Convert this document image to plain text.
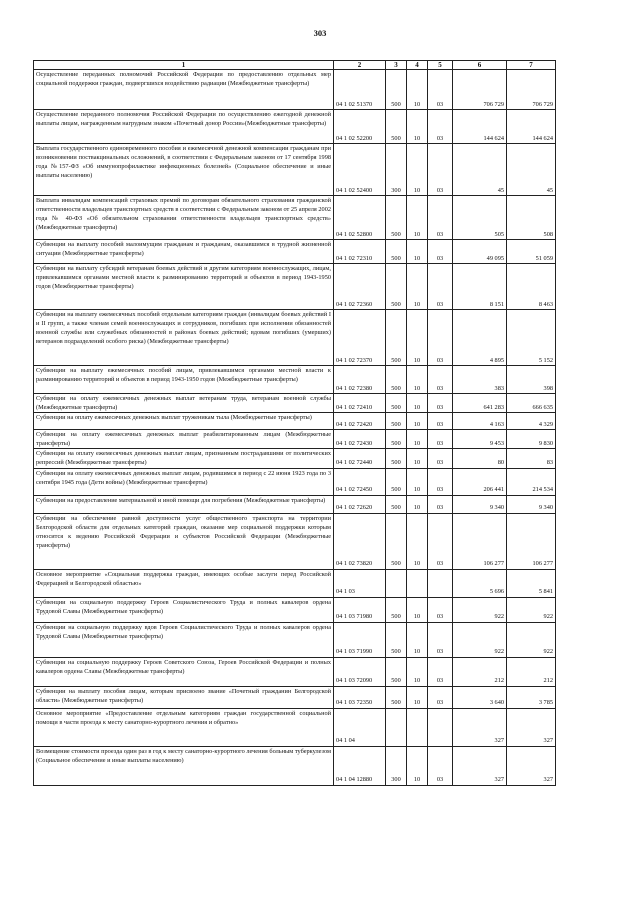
303
1	2	3	4	5	6	7
Осуществление переданных полномочий Российской Федерации по предоставлению отдельных мер социальной поддержки граждан, подвергшихся воздействию радиации (Межбюджетные трансферты)	04 1 02 51370	500	10	03	706 729	706 729
Осуществление переданного полномочия Российской Федерации по осуществлению ежегодной денежной выплаты лицам, награжденным нагрудным знаком «Почетный донор России»(Межбюджетные трансферты)	04 1 02 52200	500	10	03	144 624	144 624
Выплата государственного единовременного пособия и ежемесячной денежной компенсации гражданам при возникновении поствакцинальных осложнений, в соответствии с Федеральным законом от 17 сентября 1998 года №157-ФЗ «Об иммунопрофилактике инфекционных болезней» (Социальное обеспечение и иные выплаты населению)	04 1 02 52400	300	10	03	45	45
Выплата инвалидам компенсаций страховых премий по договорам обязательного страхования гражданской ответственности владельцев транспортных средств в соответствии с Федеральным законом от 25 апреля 2002 года № 40-ФЗ «Об обязательном страховании ответственности владельцев транспортных средств» (Межбюджетные трансферты)	04 1 02 52800	500	10	03	505	508
Субвенции на выплату пособий малоимущим гражданам и гражданам, оказавшимся в трудной жизненной ситуации (Межбюджетные трансферты)	04 1 02 72310	500	10	03	49 095	51 059
Субвенции на выплату субсидий ветеранам боевых действий и другим категориям военнослужащих, лицам, привлекавшимся органами местной власти к разминированию территорий и объектов в период 1943-1950 годов (Межбюджетные трансферты)	04 1 02 72360	500	10	03	8 151	8 463
Субвенции на выплату ежемесячных пособий отдельным категориям граждан (инвалидам боевых действий I и II групп, а также членам семей военнослужащих и сотрудников, погибших при исполнении обязанностей военной службы или служебных обязанностей в районах боевых действий; вдовам погибших (умерших) ветеранов подразделений особого риска) (Межбюджетные трансферты)	04 1 02 72370	500	10	03	4 895	5 152
Субвенции на выплату ежемесячных пособий лицам, привлекавшимся органами местной власти к разминированию территорий и объектов в период 1943-1950 годов (Межбюджетные трансферты)	04 1 02 72380	500	10	03	383	398
Субвенции на оплату ежемесячных денежных выплат ветеранам труда, ветеранам военной службы (Межбюджетные трансферты)	04 1 02 72410	500	10	03	641 283	666 635
Субвенции на оплату ежемесячных денежных выплат труженикам тыла (Межбюджетные трансферты)	04 1 02 72420	500	10	03	4 163	4 329
Субвенции на оплату ежемесячных денежных выплат реабилитированным лицам (Межбюджетные трансферты)	04 1 02 72430	500	10	03	9 453	9 830
Субвенции на оплату ежемесячных денежных выплат лицам, признанным пострадавшими от политических репрессий (Межбюджетные трансферты)	04 1 02 72440	500	10	03	80	83
Субвенции на оплату ежемесячных денежных выплат лицам, родившимся в период с 22 июня 1923 года по 3 сентября 1945 года (Дети войны) (Межбюджетные трансферты)	04 1 02 72450	500	10	03	206 441	214 534
Субвенции на предоставление материальной и иной помощи для погребения (Межбюджетные трансферты)	04 1 02 72620	500	10	03	9 340	9 340
Субвенции на обеспечение равной доступности услуг общественного транспорта на территории Белгородской области для отдельных категорий граждан, оказание мер социальной поддержки которым относится к ведению Российской Федерации и субъектов Российской Федерации (Межбюджетные трансферты)	04 1 02 73820	500	10	03	106 277	106 277
Основное мероприятие «Социальная поддержка граждан, имеющих особые заслуги перед Российской Федерацией и Белгородской областью»	04 1 03				5 696	5 841
Субвенции на социальную поддержку Героев Социалистического Труда и полных кавалеров ордена Трудовой Славы (Межбюджетные трансферты)	04 1 03 71980	500	10	03	922	922
Субвенции на социальную поддержку вдов Героев Социалистического Труда и полных кавалеров ордена Трудовой Славы (Межбюджетные трансферты)	04 1 03 71990	500	10	03	922	922
Субвенции на социальную поддержку Героев Советского Союза, Героев Российской Федерации и полных кавалеров ордена Славы (Межбюджетные трансферты)	04 1 03 72090	500	10	03	212	212
Субвенции на выплату пособия лицам, которым присвоено звание «Почетный гражданин Белгородской области» (Межбюджетные трансферты)	04 1 03 72350	500	10	03	3 640	3 785
Основное мероприятие «Предоставление отдельным категориям граждан государственной социальной помощи в части проезда к месту санаторно-курортного лечения и обратно»	04 1 04				327	327
Возмещение стоимости проезда один раз в год к месту санаторно-курортного лечения больным туберкулезом (Социальное обеспечение и иные выплаты населению)	04 1 04 12880	300	10	03	327	327
